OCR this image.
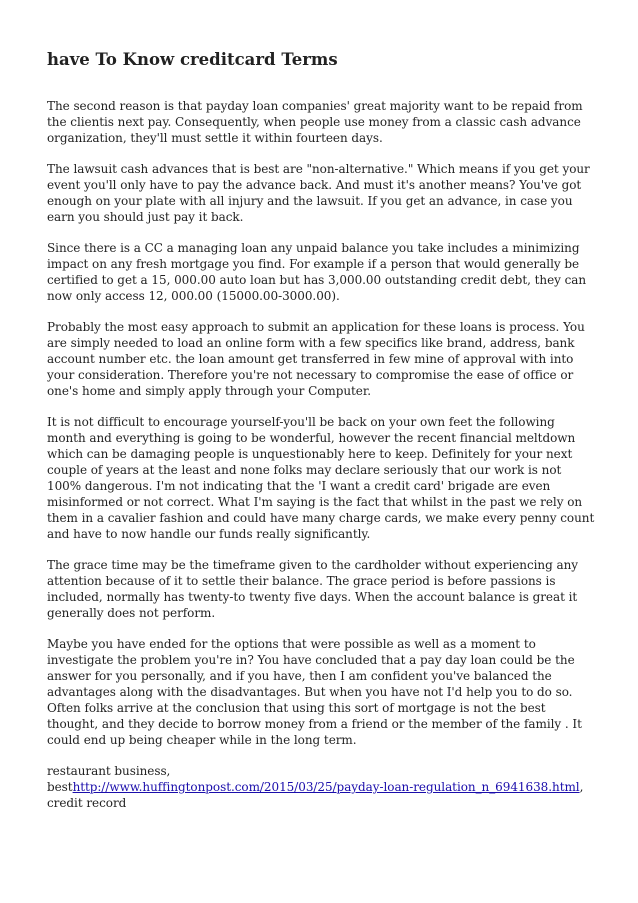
have To Know creditcard Terms

The second reason is that payday loan companies' great majority want to be repaid from the clientis next pay. Consequently, when people use money from a classic cash advance organization, they'll must settle it within fourteen days.

The lawsuit cash advances that is best are "non-alternative." Which means if you get your event you'll only have to pay the advance back. And must it's another means? You've got enough on your plate with all injury and the lawsuit. If you get an advance, in case you earn you should just pay it back.

Since there is a CC a managing loan any unpaid balance you take includes a minimizing impact on any fresh mortgage you find. For example if a person that would generally be certified to get a 15, 000.00 auto loan but has 3,000.00 outstanding credit debt, they can now only access 12, 000.00 (15000.00-3000.00).

Probably the most easy approach to submit an application for these loans is process. You are simply needed to load an online form with a few specifics like brand, address, bank account number etc. the loan amount get transferred in few mine of approval with into your consideration. Therefore you're not necessary to compromise the ease of office or one's home and simply apply through your Computer.

It is not difficult to encourage yourself-you'll be back on your own feet the following month and everything is going to be wonderful, however the recent financial meltdown which can be damaging people is unquestionably here to keep. Definitely for your next couple of years at the least and none folks may declare seriously that our work is not 100% dangerous. I'm not indicating that the 'I want a credit card' brigade are even misinformed or not correct. What I'm saying is the fact that whilst in the past we rely on them in a cavalier fashion and could have many charge cards, we make every penny count and have to now handle our funds really significantly.

The grace time may be the timeframe given to the cardholder without experiencing any attention because of it to settle their balance. The grace period is before passions is included, normally has twenty-to twenty five days. When the account balance is great it generally does not perform.

Maybe you have ended for the options that were possible as well as a moment to investigate the problem you're in? You have concluded that a pay day loan could be the answer for you personally, and if you have, then I am confident you've balanced the advantages along with the disadvantages. But when you have not I'd help you to do so. Often folks arrive at the conclusion that using this sort of mortgage is not the best thought, and they decide to borrow money from a friend or the member of the family . It could end up being cheaper while in the long term.

restaurant business,
besthttp://www.huffingtonpost.com/2015/03/25/payday-loan-regulation_n_6941638.html, credit record
